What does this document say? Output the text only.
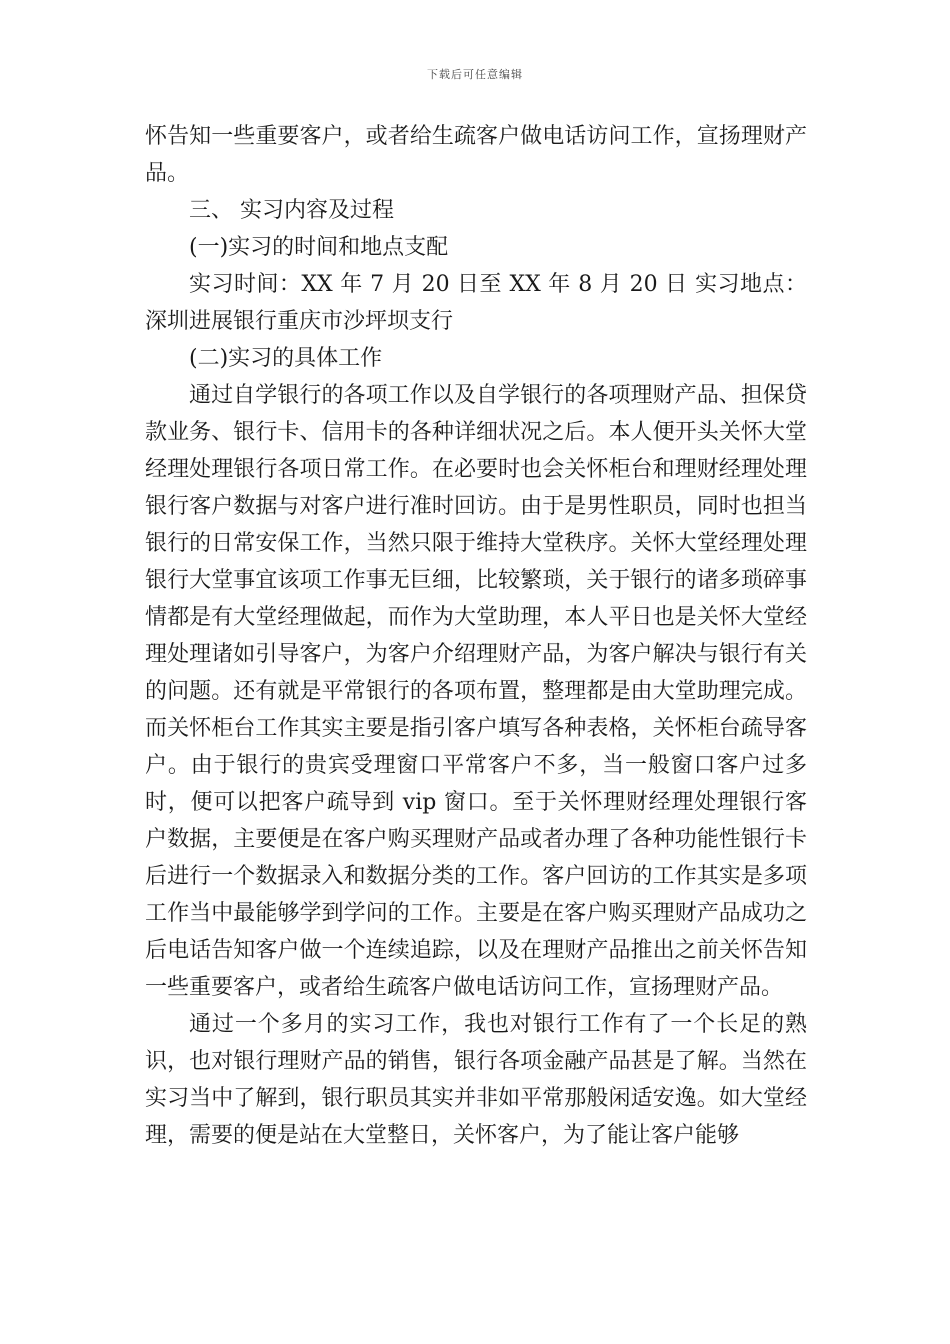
下载后可任意编辑

怀告知一些重要客户，或者给生疏客户做电话访问工作，宣扬理财产品。

三、 实习内容及过程

(一)实习的时间和地点支配

实习时间：XX 年 7 月 20 日至 XX 年 8 月 20 日 实习地点：深圳进展银行重庆市沙坪坝支行

(二)实习的具体工作

通过自学银行的各项工作以及自学银行的各项理财产品、担保贷款业务、银行卡、信用卡的各种详细状况之后。本人便开头关怀大堂经理处理银行各项日常工作。在必要时也会关怀柜台和理财经理处理银行客户数据与对客户进行准时回访。由于是男性职员，同时也担当银行的日常安保工作，当然只限于维持大堂秩序。关怀大堂经理处理银行大堂事宜该项工作事无巨细，比较繁琐，关于银行的诸多琐碎事情都是有大堂经理做起，而作为大堂助理，本人平日也是关怀大堂经理处理诸如引导客户，为客户介绍理财产品，为客户解决与银行有关的问题。还有就是平常银行的各项布置，整理都是由大堂助理完成。而关怀柜台工作其实主要是指引客户填写各种表格，关怀柜台疏导客户。由于银行的贵宾受理窗口平常客户不多，当一般窗口客户过多时，便可以把客户疏导到 vip 窗口。至于关怀理财经理处理银行客户数据，主要便是在客户购买理财产品或者办理了各种功能性银行卡后进行一个数据录入和数据分类的工作。客户回访的工作其实是多项工作当中最能够学到学问的工作。主要是在客户购买理财产品成功之后电话告知客户做一个连续追踪，以及在理财产品推出之前关怀告知一些重要客户，或者给生疏客户做电话访问工作，宣扬理财产品。

通过一个多月的实习工作，我也对银行工作有了一个长足的熟识，也对银行理财产品的销售，银行各项金融产品甚是了解。当然在实习当中了解到，银行职员其实并非如平常那般闲适安逸。如大堂经理，需要的便是站在大堂整日，关怀客户，为了能让客户能够
